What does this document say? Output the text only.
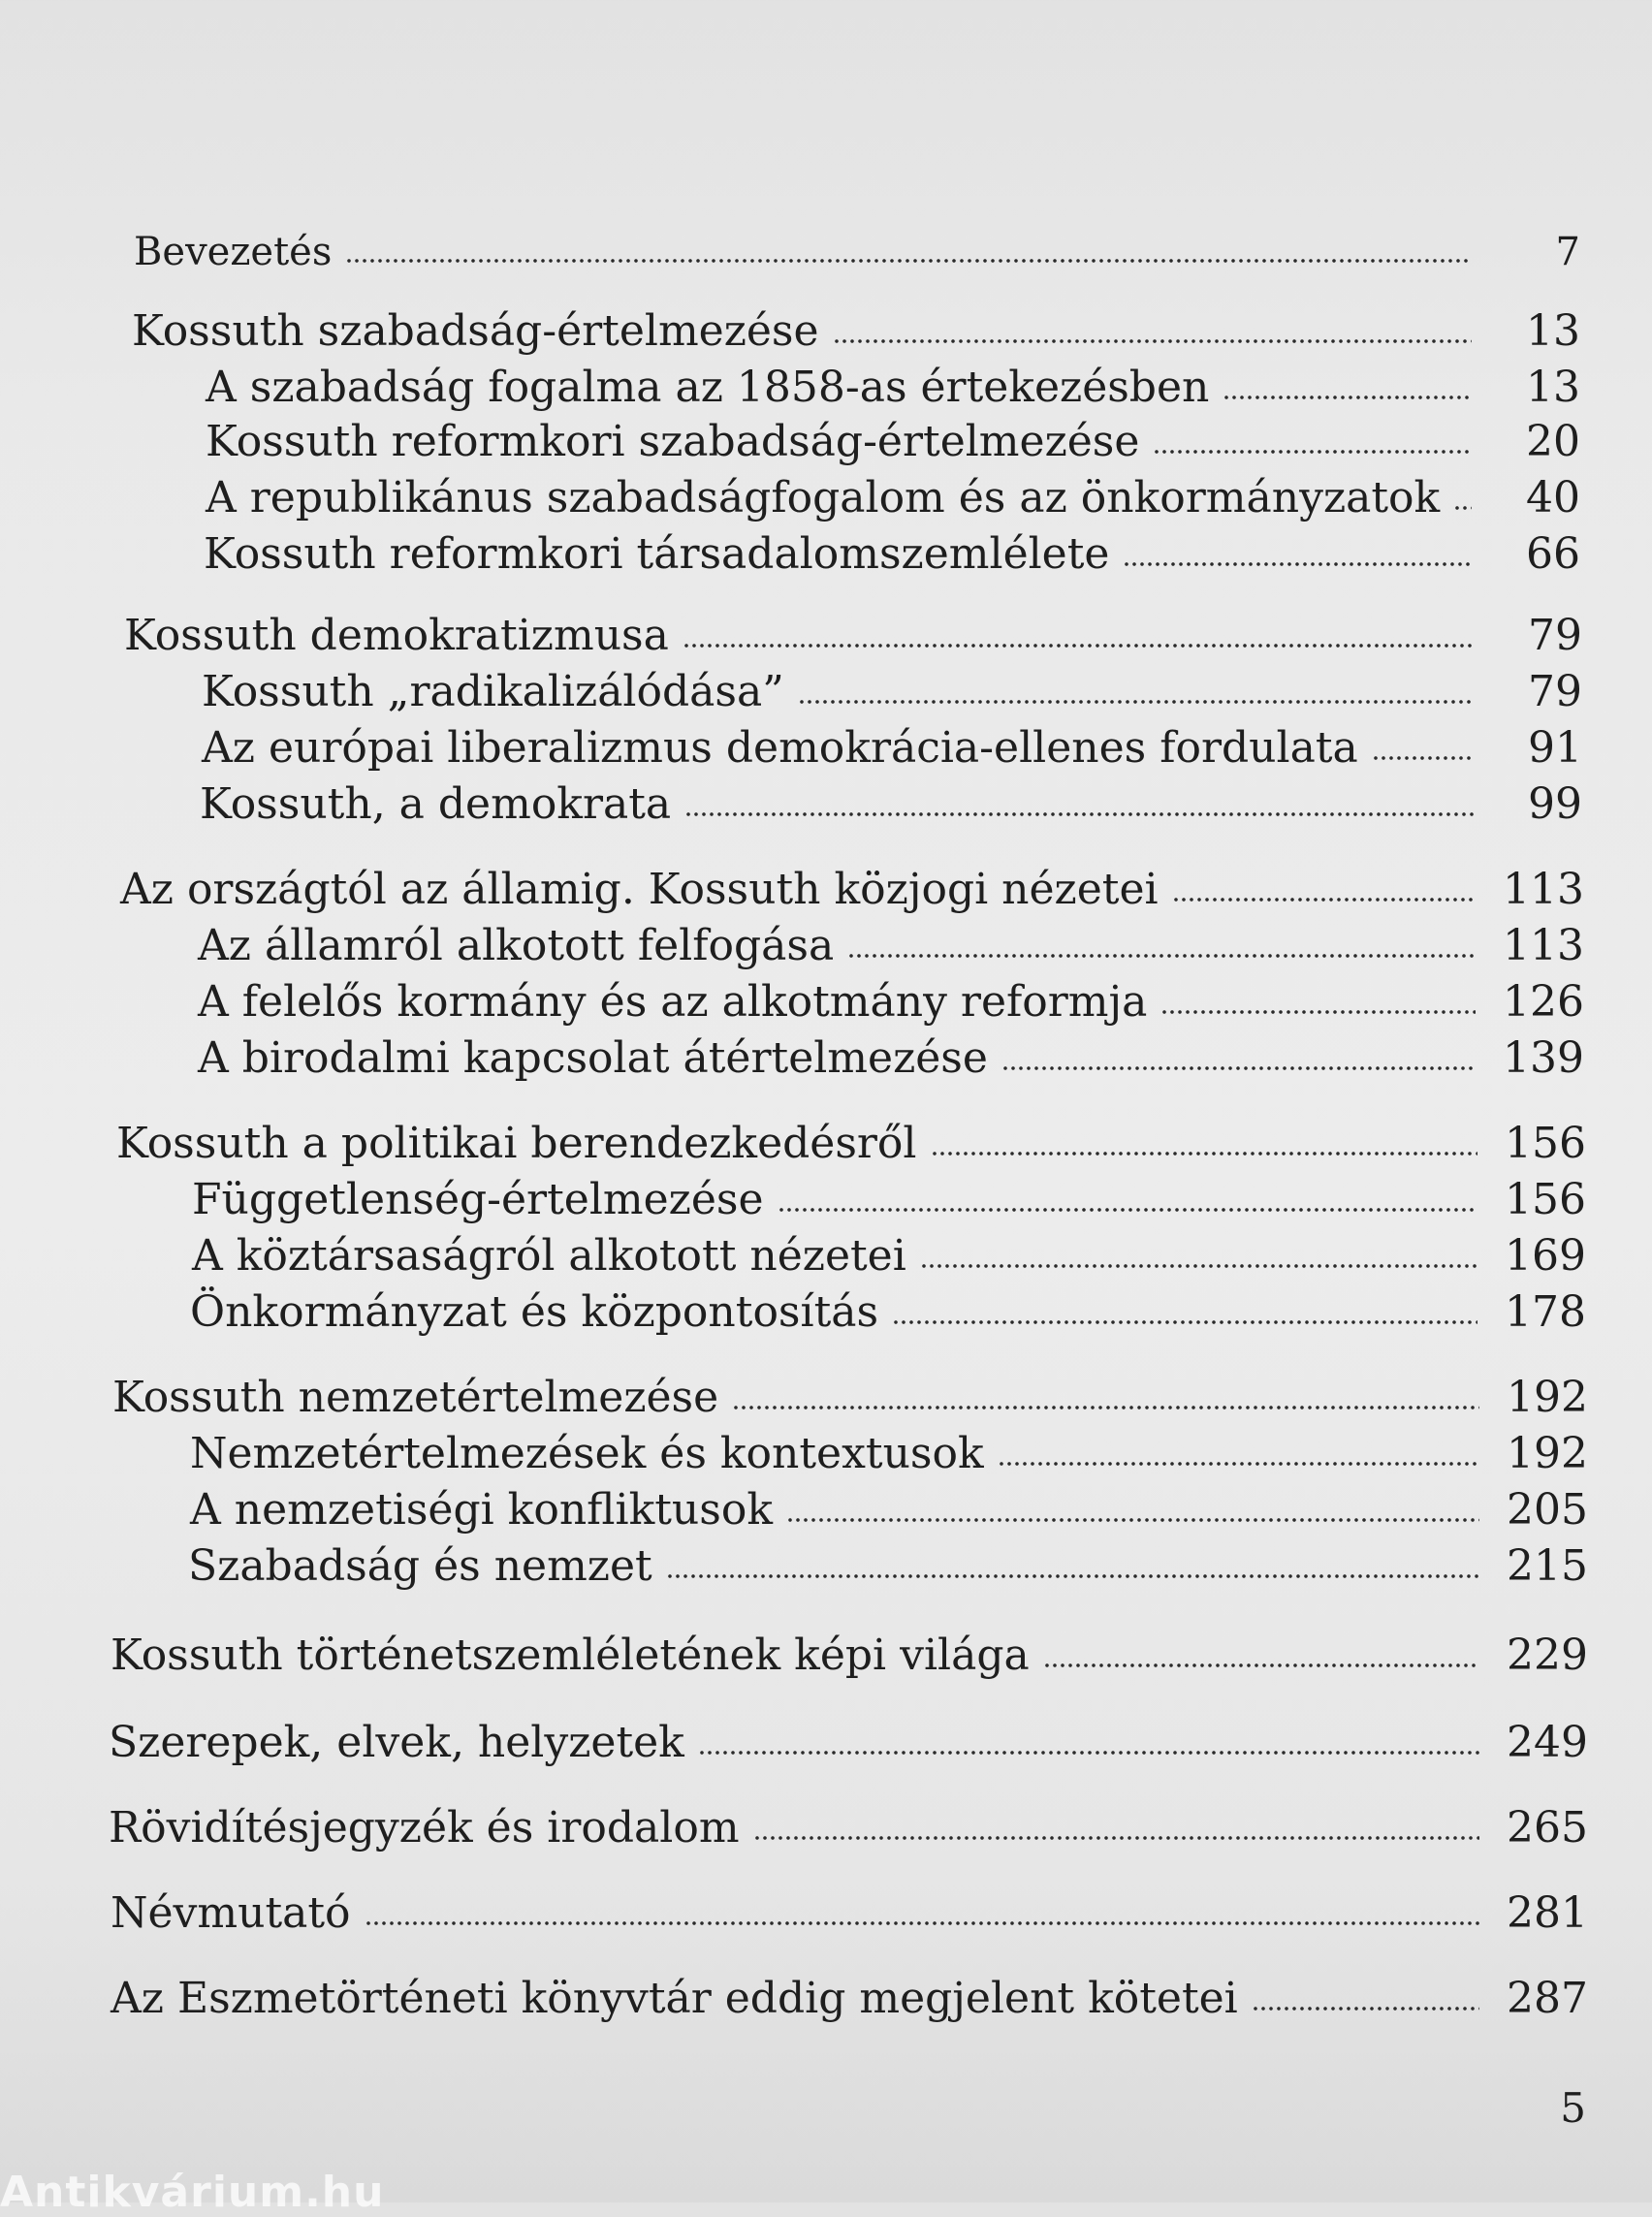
Bevezetés	7
Kossuth szabadság-értelmezése	13
A szabadság fogalma az 1858-as értekezésben	13
Kossuth reformkori szabadság-értelmezése	20
A republikánus szabadságfogalom és az önkormányzatok	40
Kossuth reformkori társadalomszemlélete	66
Kossuth demokratizmusa	79
Kossuth „radikalizálódása”	79
Az európai liberalizmus demokrácia-ellenes fordulata	91
Kossuth, a demokrata	99
Az országtól az államig. Kossuth közjogi nézetei	113
Az államról alkotott felfogása	113
A felelős kormány és az alkotmány reformja	126
A birodalmi kapcsolat átértelmezése	139
Kossuth a politikai berendezkedésről	156
Függetlenség-értelmezése	156
A köztársaságról alkotott nézetei	169
Önkormányzat és központosítás	178
Kossuth nemzetértelmezése	192
Nemzetértelmezések és kontextusok	192
A nemzetiségi konfliktusok	205
Szabadság és nemzet	215
Kossuth történetszemléletének képi világa	229
Szerepek, elvek, helyzetek	249
Rövidítésjegyzék és irodalom	265
Névmutató	281
Az Eszmetörténeti könyvtár eddig megjelent kötetei	287
5
Antikvárium.hu
